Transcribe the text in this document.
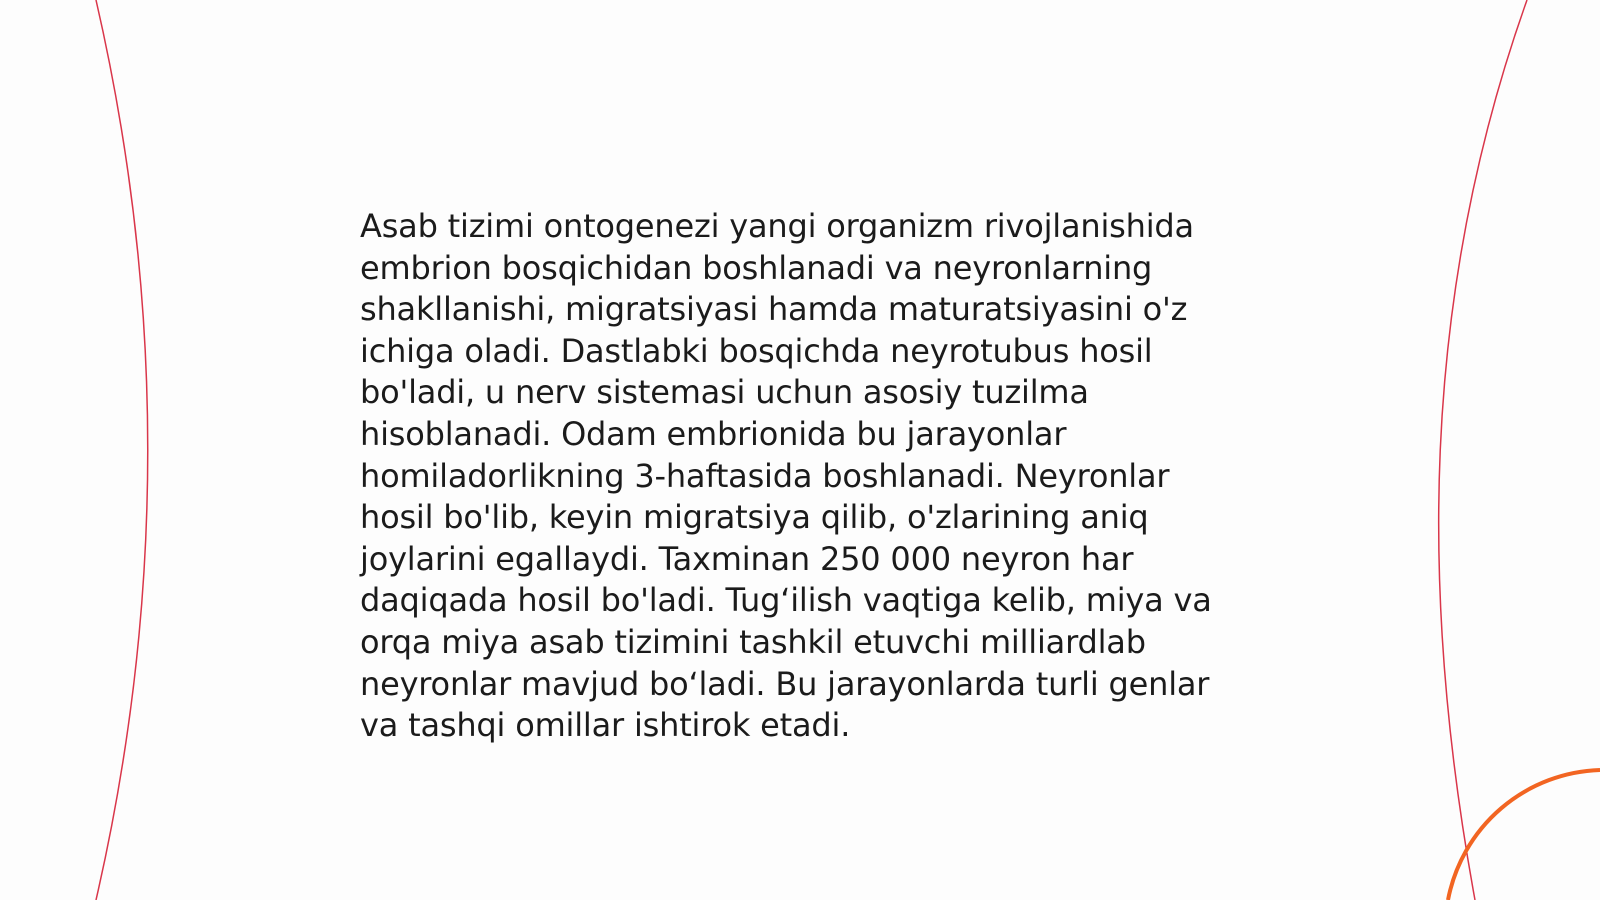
Asab tizimi ontogenezi yangi organizm rivojlanishida
embrion bosqichidan boshlanadi va neyronlarning
shakllanishi, migratsiyasi hamda maturatsiyasini o'z
ichiga oladi. Dastlabki bosqichda neyrotubus hosil
bo'ladi, u nerv sistemasi uchun asosiy tuzilma
hisoblanadi. Odam embrionida bu jarayonlar
homiladorlikning 3-haftasida boshlanadi. Neyronlar
hosil bo'lib, keyin migratsiya qilib, o'zlarining aniq
joylarini egallaydi. Taxminan 250 000 neyron har
daqiqada hosil bo'ladi. Tug‘ilish vaqtiga kelib, miya va
orqa miya asab tizimini tashkil etuvchi milliardlab
neyronlar mavjud bo‘ladi. Bu jarayonlarda turli genlar
va tashqi omillar ishtirok etadi.
